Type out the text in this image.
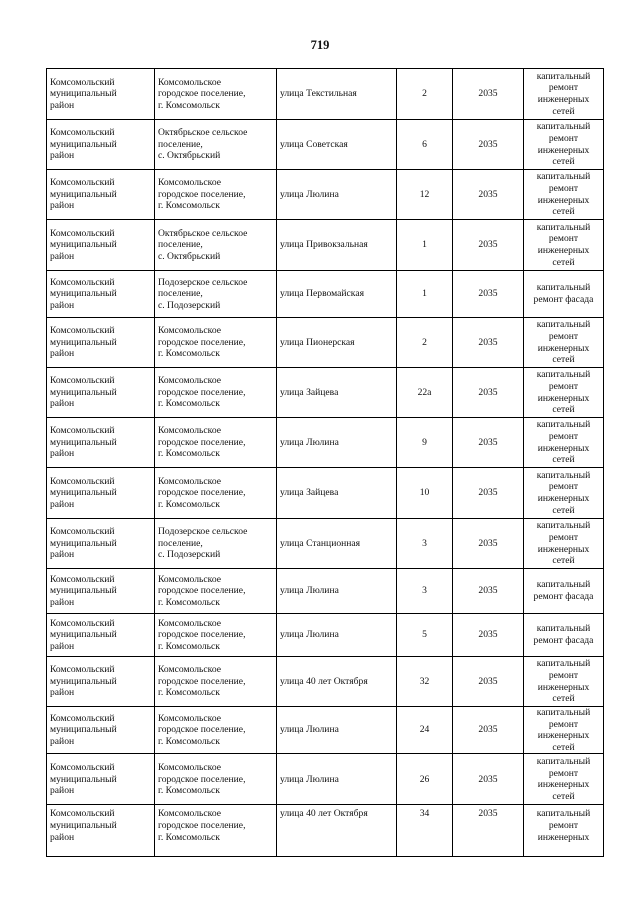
719
Комсомольский
муниципальный
район	Комсомольское
городское поселение,
г. Комсомольск	улица Текстильная	2	2035	капитальный
ремонт
инженерных
сетей

Комсомольский
муниципальный
район	Октябрьское сельское
поселение,
с. Октябрьский	улица Советская	6	2035	капитальный
ремонт
инженерных
сетей

Комсомольский
муниципальный
район	Комсомольское
городское поселение,
г. Комсомольск	улица Люлина	12	2035	капитальный
ремонт
инженерных
сетей

Комсомольский
муниципальный
район	Октябрьское сельское
поселение,
с. Октябрьский	улица Привокзальная	1	2035	капитальный
ремонт
инженерных
сетей

Комсомольский
муниципальный
район	Подозерское сельское
поселение,
с. Подозерский	улица Первомайская	1	2035	капитальный
ремонт фасада

Комсомольский
муниципальный
район	Комсомольское
городское поселение,
г. Комсомольск	улица Пионерская	2	2035	капитальный
ремонт
инженерных
сетей

Комсомольский
муниципальный
район	Комсомольское
городское поселение,
г. Комсомольск	улица Зайцева	22а	2035	капитальный
ремонт
инженерных
сетей

Комсомольский
муниципальный
район	Комсомольское
городское поселение,
г. Комсомольск	улица Люлина	9	2035	капитальный
ремонт
инженерных
сетей

Комсомольский
муниципальный
район	Комсомольское
городское поселение,
г. Комсомольск	улица Зайцева	10	2035	капитальный
ремонт
инженерных
сетей

Комсомольский
муниципальный
район	Подозерское сельское
поселение,
с. Подозерский	улица Станционная	3	2035	капитальный
ремонт
инженерных
сетей

Комсомольский
муниципальный
район	Комсомольское
городское поселение,
г. Комсомольск	улица Люлина	3	2035	капитальный
ремонт фасада

Комсомольский
муниципальный
район	Комсомольское
городское поселение,
г. Комсомольск	улица Люлина	5	2035	капитальный
ремонт фасада

Комсомольский
муниципальный
район	Комсомольское
городское поселение,
г. Комсомольск	улица 40 лет Октября	32	2035	капитальный
ремонт
инженерных
сетей

Комсомольский
муниципальный
район	Комсомольское
городское поселение,
г. Комсомольск	улица Люлина	24	2035	капитальный
ремонт
инженерных
сетей

Комсомольский
муниципальный
район	Комсомольское
городское поселение,
г. Комсомольск	улица Люлина	26	2035	капитальный
ремонт
инженерных
сетей

Комсомольский
муниципальный
район	Комсомольское
городское поселение,
г. Комсомольск	улица 40 лет Октября	34	2035	капитальный
ремонт
инженерных
